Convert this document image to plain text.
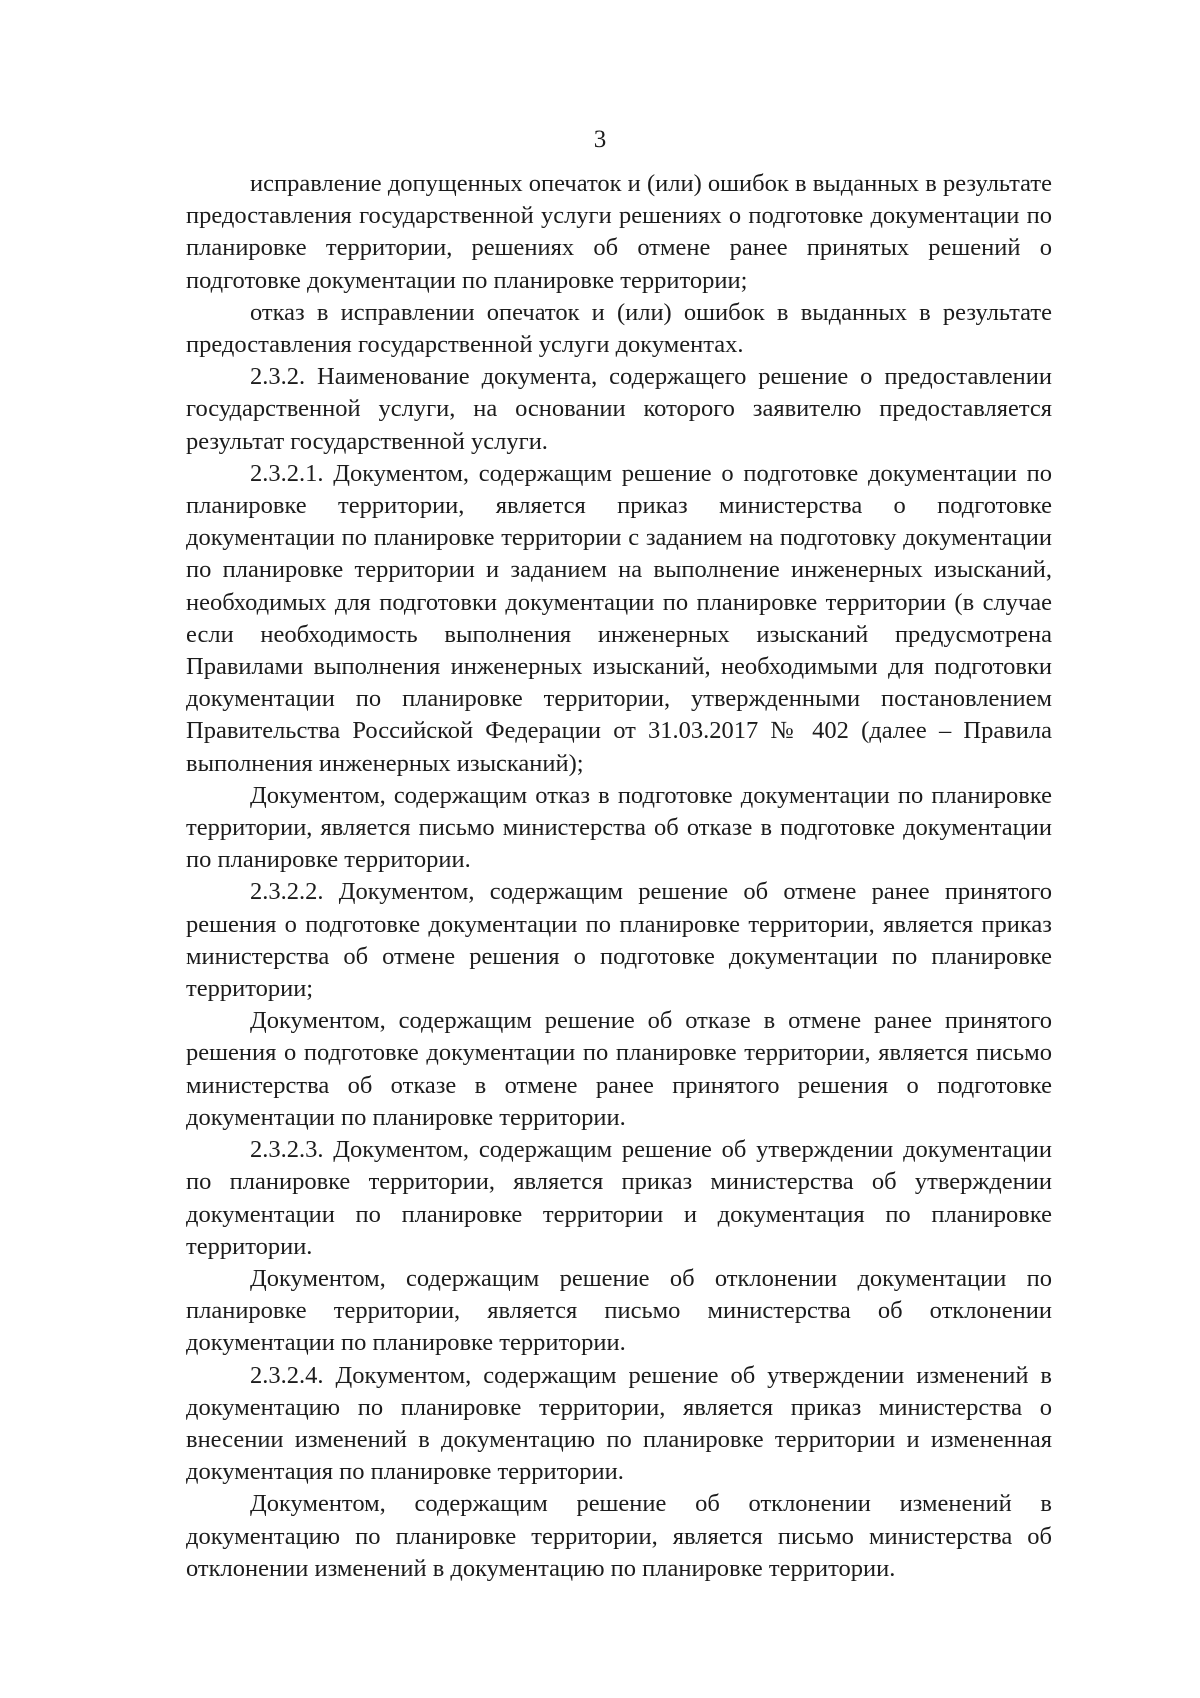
3

исправление допущенных опечаток и (или) ошибок в выданных в результате предоставления государственной услуги решениях о подготовке документации по планировке территории, решениях об отмене ранее принятых решений о подготовке документации по планировке территории;

отказ в исправлении опечаток и (или) ошибок в выданных в результате предоставления государственной услуги документах.

2.3.2. Наименование документа, содержащего решение о предоставлении государственной услуги, на основании которого заявителю предоставляется результат государственной услуги.

2.3.2.1. Документом, содержащим решение о подготовке документации по планировке территории, является приказ министерства о подготовке документации по планировке территории с заданием на подготовку документации по планировке территории и заданием на выполнение инженерных изысканий, необходимых для подготовки документации по планировке территории (в случае если необходимость выполнения инженерных изысканий предусмотрена Правилами выполнения инженерных изысканий, необходимыми для подготовки документации по планировке территории, утвержденными постановлением Правительства Российской Федерации от 31.03.2017 № 402 (далее – Правила выполнения инженерных изысканий);

Документом, содержащим отказ в подготовке документации по планировке территории, является письмо министерства об отказе в подготовке документации по планировке территории.

2.3.2.2. Документом, содержащим решение об отмене ранее принятого решения о подготовке документации по планировке территории, является приказ министерства об отмене решения о подготовке документации по планировке территории;

Документом, содержащим решение об отказе в отмене ранее принятого решения о подготовке документации по планировке территории, является письмо министерства об отказе в отмене ранее принятого решения о подготовке документации по планировке территории.

2.3.2.3. Документом, содержащим решение об утверждении документации по планировке территории, является приказ министерства об утверждении документации по планировке территории и документация по планировке территории.

Документом, содержащим решение об отклонении документации по планировке территории, является письмо министерства об отклонении документации по планировке территории.

2.3.2.4. Документом, содержащим решение об утверждении изменений в документацию по планировке территории, является приказ министерства о внесении изменений в документацию по планировке территории и измененная документация по планировке территории.

Документом, содержащим решение об отклонении изменений в документацию по планировке территории, является письмо министерства об отклонении изменений в документацию по планировке территории.
